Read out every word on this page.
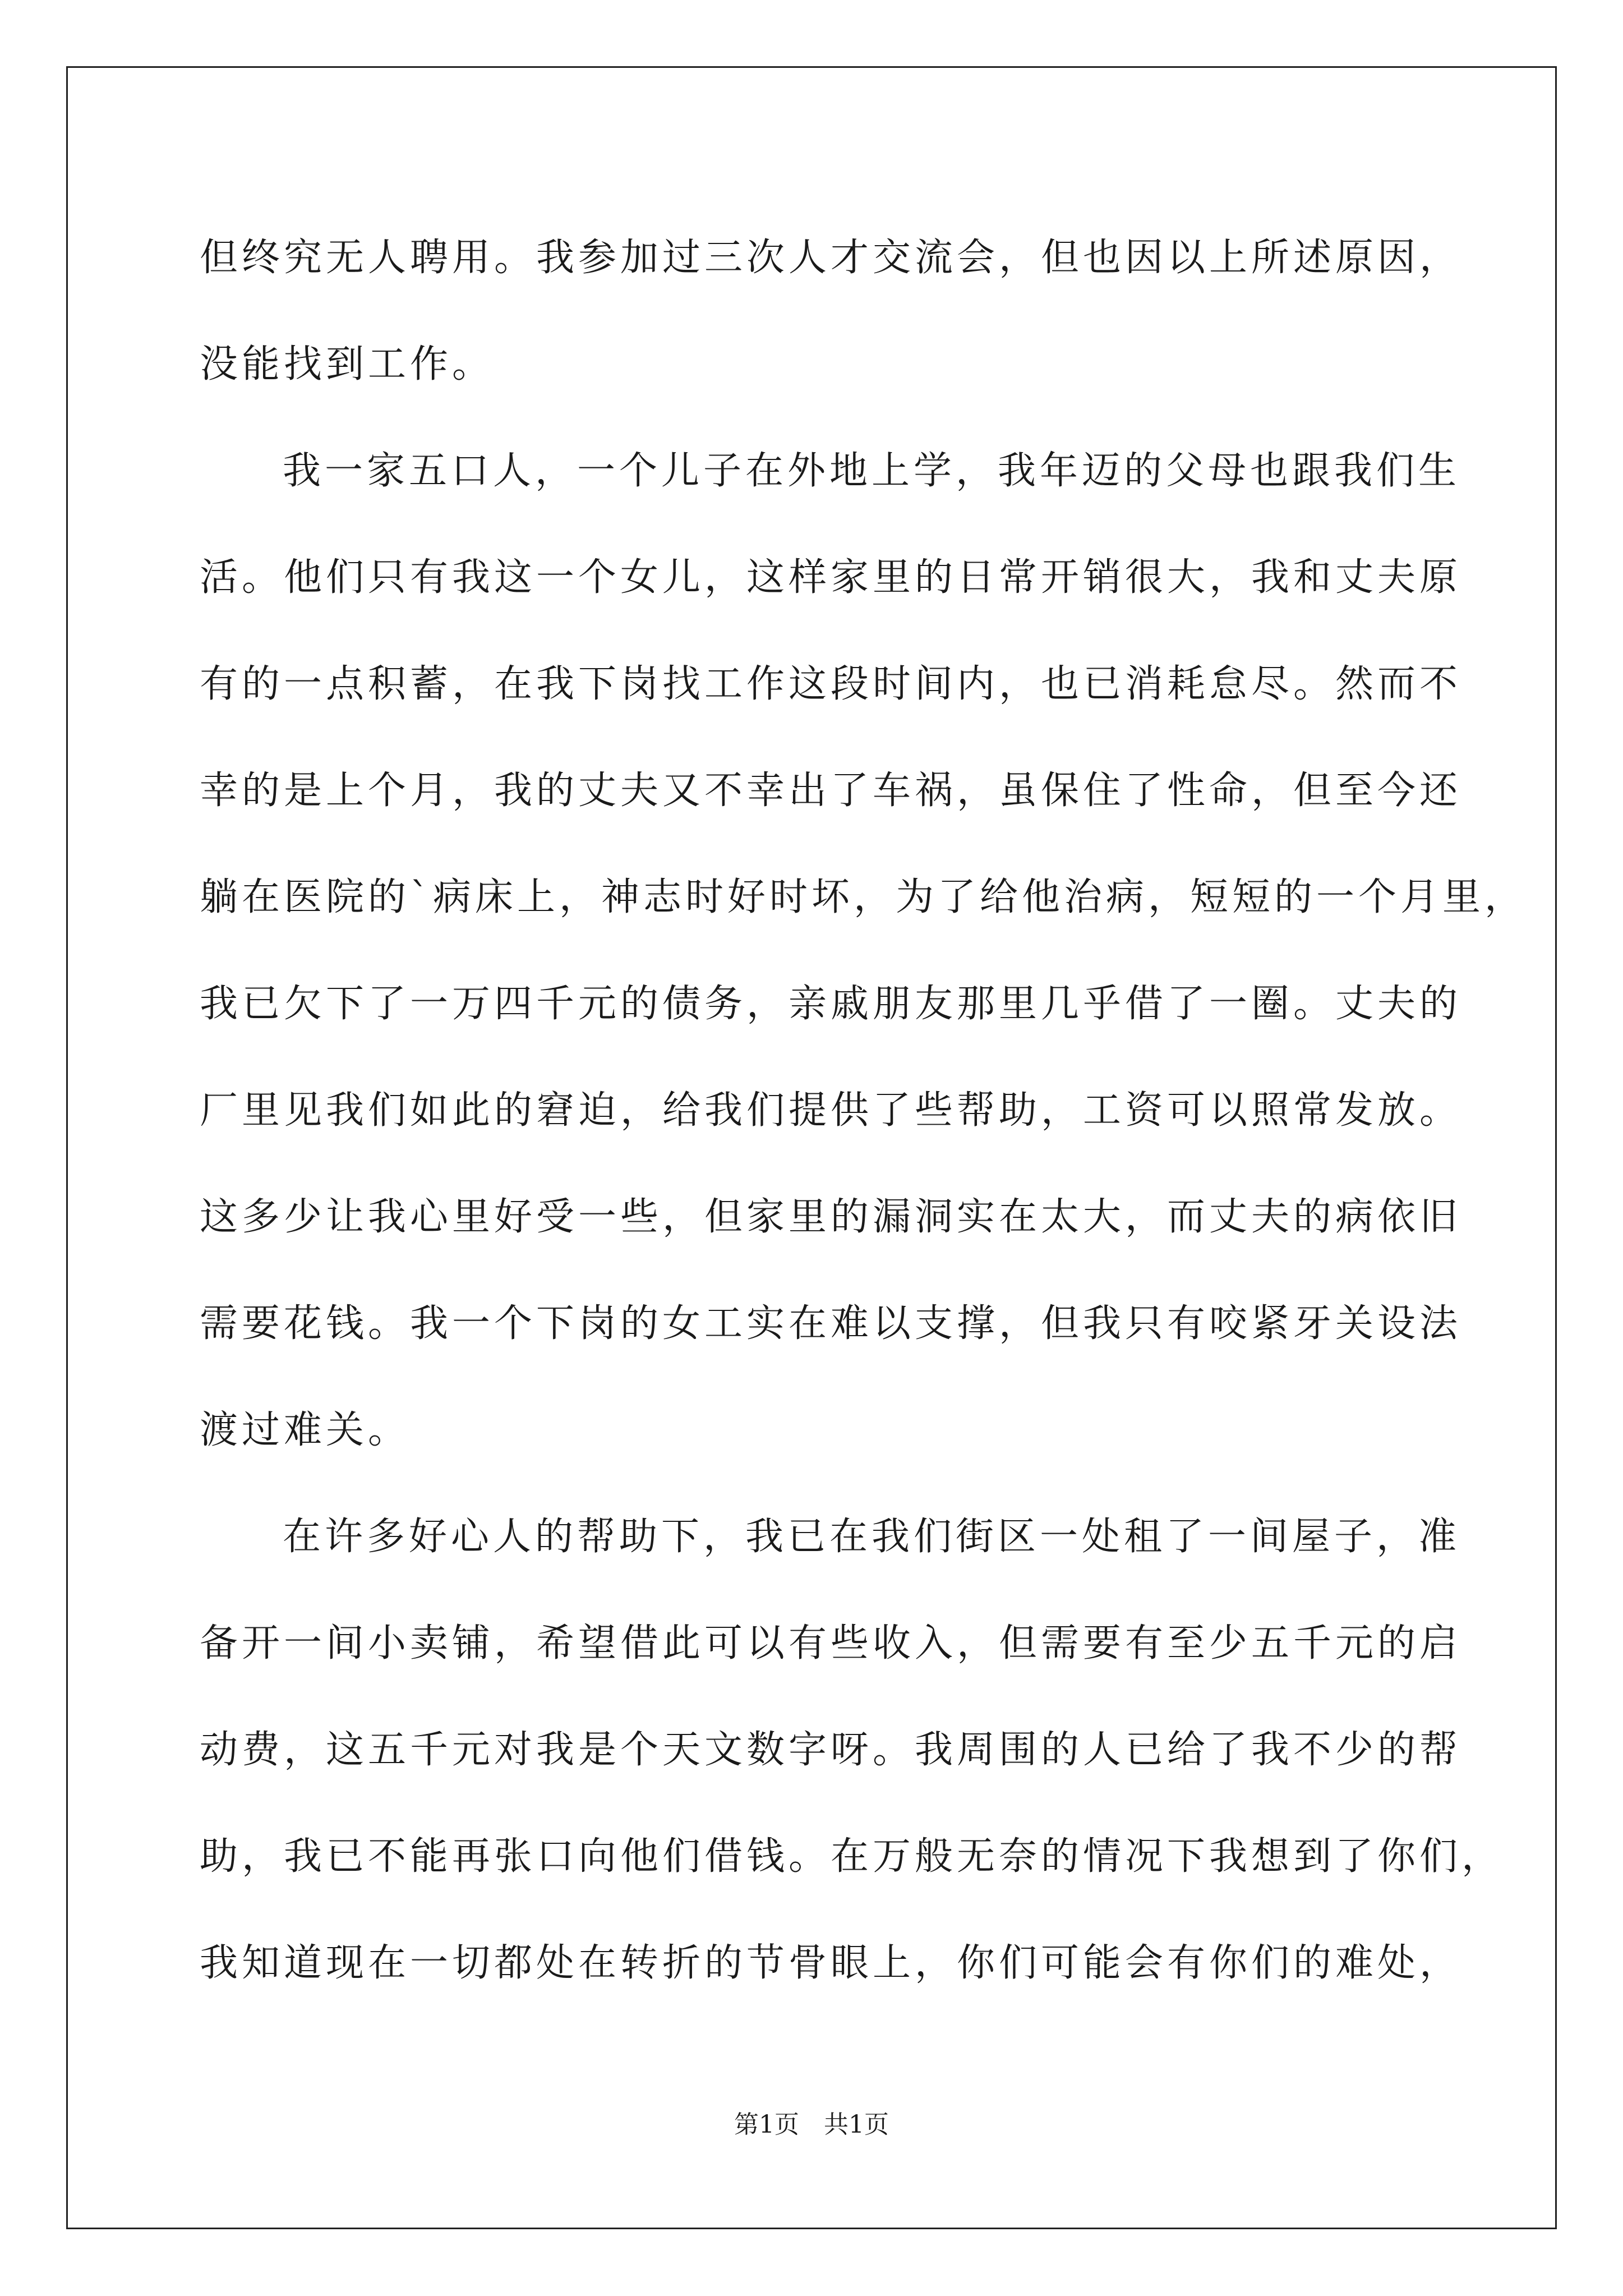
但终究无人聘用。我参加过三次人才交流会，但也因以上所述原因，
没能找到工作。
我一家五口人，一个儿子在外地上学，我年迈的父母也跟我们生
活。他们只有我这一个女儿，这样家里的日常开销很大，我和丈夫原
有的一点积蓄，在我下岗找工作这段时间内，也已消耗怠尽。然而不
幸的是上个月，我的丈夫又不幸出了车祸，虽保住了性命，但至今还
躺在医院的`病床上，神志时好时坏，为了给他治病，短短的一个月里，
我已欠下了一万四千元的债务，亲戚朋友那里几乎借了一圈。丈夫的
厂里见我们如此的窘迫，给我们提供了些帮助，工资可以照常发放。
这多少让我心里好受一些，但家里的漏洞实在太大，而丈夫的病依旧
需要花钱。我一个下岗的女工实在难以支撑，但我只有咬紧牙关设法
渡过难关。
在许多好心人的帮助下，我已在我们街区一处租了一间屋子，准
备开一间小卖铺，希望借此可以有些收入，但需要有至少五千元的启
动费，这五千元对我是个天文数字呀。我周围的人已给了我不少的帮
助，我已不能再张口向他们借钱。在万般无奈的情况下我想到了你们，
我知道现在一切都处在转折的节骨眼上，你们可能会有你们的难处，
第1页　共1页
